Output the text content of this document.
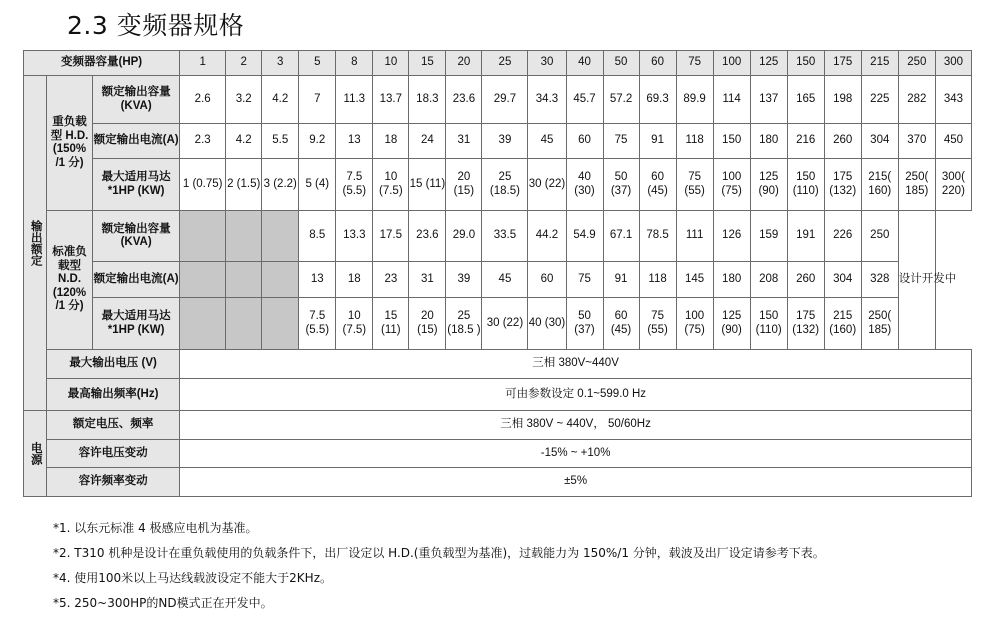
2.3 变频器规格
变频器容量(HP)			1	2	3	5	8	10	15	20	25	30	40	50	60	75	100	125	150	175	215	250	300
输出额定	重负载型 H.D. (150% /1 分)	额定输出容量 (KVA)	2.6	3.2	4.2	7	11.3	13.7	18.3	23.6	29.7	34.3	45.7	57.2	69.3	89.9	114	137	165	198	225	282	343
		额定输出电流(A)	2.3	4.2	5.5	9.2	13	18	24	31	39	45	60	75	91	118	150	180	216	260	304	370	450
		最大适用马达*1HP (KW)	1 (0.75)	2 (1.5)	3 (2.2)	5 (4)	7.5 (5.5)	10 (7.5)	15 (11)	20 (15)	25 (18.5)	30 (22)	40 (30)	50 (37)	60 (45)	75 (55)	100 (75)	125 (90)	150 (110)	175 (132)	215( 160)	250( 185)	300( 220)
	标准负载型 N.D. (120% /1 分)	额定输出容量 (KVA)				8.5	13.3	17.5	23.6	29.0	33.5	44.2	54.9	67.1	78.5	111	126	159	191	226	250	设计开发中	
		额定输出电流(A)				13	18	23	31	39	45	60	75	91	118	145	180	208	260	304	328		
		最大适用马达*1HP (KW)				7.5 (5.5)	10 (7.5)	15 (11)	20 (15)	25 (18.5 )	30 (22)	40 (30)	50 (37)	60 (45)	75 (55)	100 (75)	125 (90)	150 (110)	175 (132)	215 (160)	250( 185)		
	最大输出电压 (V)		三相 380V~440V																				
	最高输出频率(Hz)		可由参数设定 0.1~599.0 Hz																				
电源	额定电压、频率		三相 380V ~ 440V， 50/60Hz																				
	容许电压变动		-15% ~ +10%																				
	容许频率变动		±5%																				
*1. 以东元标准 4 极感应电机为基准。
*2. T310 机种是设计在重负载使用的负载条件下，出厂设定以 H.D.(重负载型为基准)，过载能力为 150%/1 分钟，载波及出厂设定请参考下表。
*4. 使用100米以上马达线载波设定不能大于2KHz。
*5. 250~300HP的ND模式正在开发中。
